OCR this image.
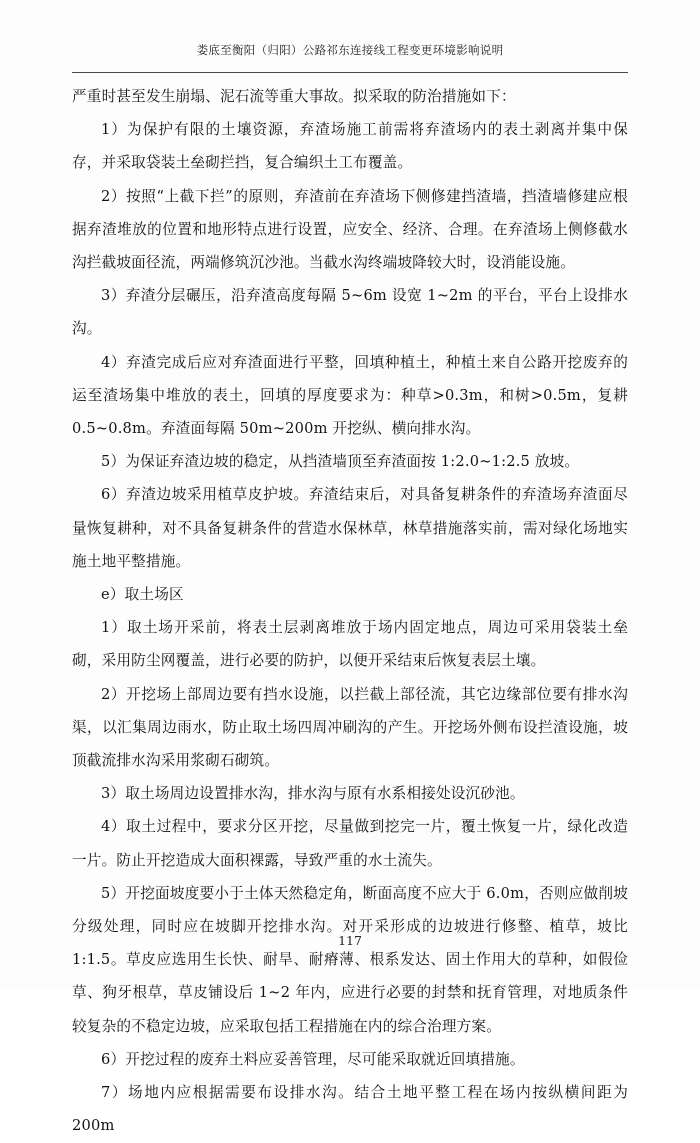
娄底至衡阳（归阳）公路祁东连接线工程变更环境影响说明

严重时甚至发生崩塌、泥石流等重大事故。拟采取的防治措施如下：

1）为保护有限的土壤资源，弃渣场施工前需将弃渣场内的表土剥离并集中保存，并采取袋装土垒砌拦挡，复合编织土工布覆盖。

2）按照“上截下拦”的原则，弃渣前在弃渣场下侧修建挡渣墙，挡渣墙修建应根据弃渣堆放的位置和地形特点进行设置，应安全、经济、合理。在弃渣场上侧修截水沟拦截坡面径流，两端修筑沉沙池。当截水沟终端坡降较大时，设消能设施。

3）弃渣分层碾压，沿弃渣高度每隔 5~6m 设宽 1~2m 的平台，平台上设排水沟。

4）弃渣完成后应对弃渣面进行平整，回填种植土，种植土来自公路开挖废弃的运至渣场集中堆放的表土，回填的厚度要求为：种草>0.3m，和树>0.5m，复耕 0.5~0.8m。弃渣面每隔 50m~200m 开挖纵、横向排水沟。

5）为保证弃渣边坡的稳定，从挡渣墙顶至弃渣面按 1:2.0~1:2.5 放坡。

6）弃渣边坡采用植草皮护坡。弃渣结束后，对具备复耕条件的弃渣场弃渣面尽量恢复耕种，对不具备复耕条件的营造水保林草，林草措施落实前，需对绿化场地实施土地平整措施。

e）取土场区

1）取土场开采前，将表土层剥离堆放于场内固定地点，周边可采用袋装土垒砌，采用防尘网覆盖，进行必要的防护，以便开采结束后恢复表层土壤。

2）开挖场上部周边要有挡水设施，以拦截上部径流，其它边缘部位要有排水沟渠，以汇集周边雨水，防止取土场四周冲刷沟的产生。开挖场外侧布设拦渣设施，坡顶截流排水沟采用浆砌石砌筑。

3）取土场周边设置排水沟，排水沟与原有水系相接处设沉砂池。

4）取土过程中，要求分区开挖，尽量做到挖完一片，覆土恢复一片，绿化改造一片。防止开挖造成大面积裸露，导致严重的水土流失。

5）开挖面坡度要小于土体天然稳定角，断面高度不应大于 6.0m，否则应做削坡分级处理，同时应在坡脚开挖排水沟。对开采形成的边坡进行修整、植草，坡比 1:1.5。草皮应选用生长快、耐旱、耐瘠薄、根系发达、固土作用大的草种，如假俭草、狗牙根草，草皮铺设后 1~2 年内，应进行必要的封禁和抚育管理，对地质条件较复杂的不稳定边坡，应采取包括工程措施在内的综合治理方案。

6）开挖过程的废弃土料应妥善管理，尽可能采取就近回填措施。

7）场地内应根据需要布设排水沟。结合土地平整工程在场内按纵横间距为 200m

117
